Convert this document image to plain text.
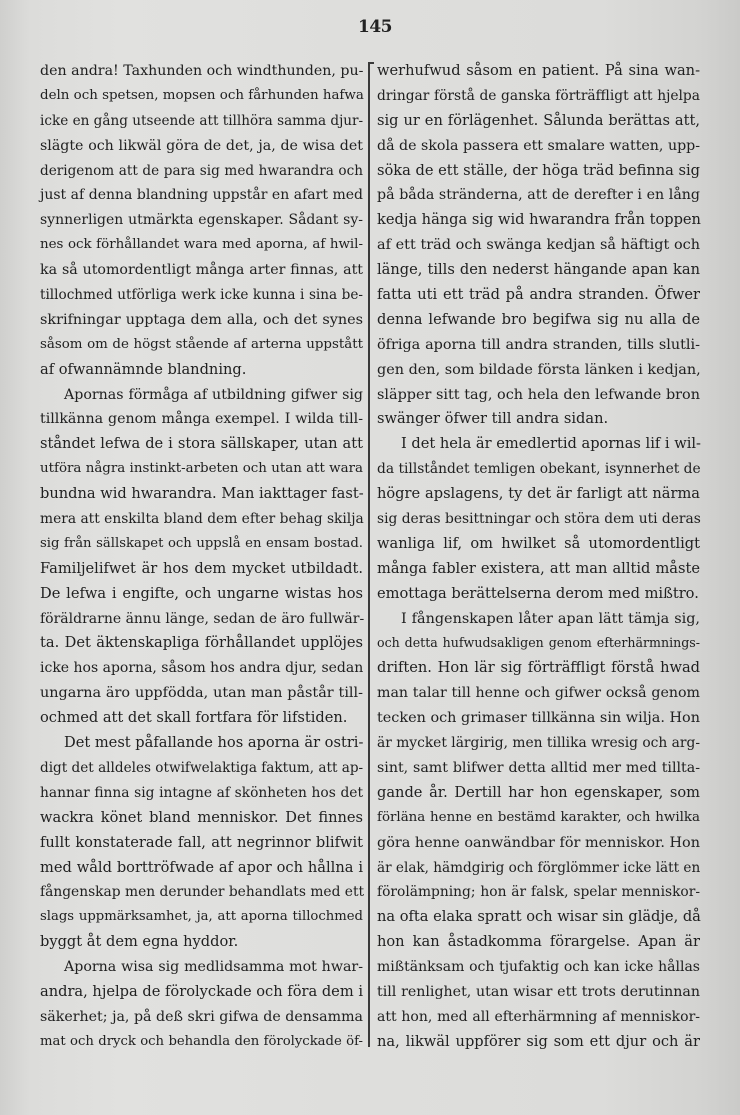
145
den andra! Taxhunden och windthunden, pu-
deln och spetsen, mopsen och fårhunden hafwa
icke en gång utseende att tillhöra samma djur-
slägte och likwäl göra de det, ja, de wisa det
derigenom att de para sig med hwarandra och
just af denna blandning uppstår en afart med
synnerligen utmärkta egenskaper. Sådant sy-
nes ock förhållandet wara med aporna, af hwil-
ka så utomordentligt många arter finnas, att
tillochmed utförliga werk icke kunna i sina be-
skrifningar upptaga dem alla, och det synes
såsom om de högst stående af arterna uppstått
af ofwannämnde blandning.
Apornas förmåga af utbildning gifwer sig
tillkänna genom många exempel. I wilda till-
ståndet lefwa de i stora sällskaper, utan att
utföra några instinkt-arbeten och utan att wara
bundna wid hwarandra. Man iakttager fast-
mera att enskilta bland dem efter behag skilja
sig från sällskapet och uppslå en ensam bostad.
Familjelifwet är hos dem mycket utbildadt.
De lefwa i engifte, och ungarne wistas hos
föräldrarne ännu länge, sedan de äro fullwär-
ta. Det äktenskapliga förhållandet upplöjes
icke hos aporna, såsom hos andra djur, sedan
ungarna äro uppfödda, utan man påstår till-
ochmed att det skall fortfara för lifstiden.
Det mest påfallande hos aporna är ostri-
digt det alldeles otwifwelaktiga faktum, att ap-
hannar finna sig intagne af skönheten hos det
wackra könet bland menniskor. Det finnes
fullt konstaterade fall, att negrinnor blifwit
med wåld borttröfwade af apor och hållna i
fångenskap men derunder behandlats med ett
slags uppmärksamhet, ja, att aporna tillochmed
byggt åt dem egna hyddor.
Aporna wisa sig medlidsamma mot hwar-
andra, hjelpa de förolyckade och föra dem i
säkerhet; ja, på deß skri gifwa de densamma
mat och dryck och behandla den förolyckade öf-
werhufwud såsom en patient. På sina wan-
dringar förstå de ganska förträffligt att hjelpa
sig ur en förlägenhet. Sålunda berättas att,
då de skola passera ett smalare watten, upp-
söka de ett ställe, der höga träd befinna sig
på båda stränderna, att de derefter i en lång
kedja hänga sig wid hwarandra från toppen
af ett träd och swänga kedjan så häftigt och
länge, tills den nederst hängande apan kan
fatta uti ett träd på andra stranden. Öfwer
denna lefwande bro begifwa sig nu alla de
öfriga aporna till andra stranden, tills slutli-
gen den, som bildade första länken i kedjan,
släpper sitt tag, och hela den lefwande bron
swänger öfwer till andra sidan.
I det hela är emedlertid apornas lif i wil-
da tillståndet temligen obekant, isynnerhet de
högre apslagens, ty det är farligt att närma
sig deras besittningar och störa dem uti deras
wanliga lif, om hwilket så utomordentligt
många fabler existera, att man alltid måste
emottaga berättelserna derom med mißtro.
I fångenskapen låter apan lätt tämja sig,
och detta hufwudsakligen genom efterhärmnings-
driften. Hon lär sig förträffligt förstå hwad
man talar till henne och gifwer också genom
tecken och grimaser tillkänna sin wilja. Hon
är mycket lärgirig, men tillika wresig och arg-
sint, samt blifwer detta alltid mer med tillta-
gande år. Dertill har hon egenskaper, som
förläna henne en bestämd karakter, och hwilka
göra henne oanwändbar för menniskor. Hon
är elak, hämdgirig och förglömmer icke lätt en
förolämpning; hon är falsk, spelar menniskor-
na ofta elaka spratt och wisar sin glädje, då
hon kan åstadkomma förargelse. Apan är
mißtänksam och tjufaktig och kan icke hållas
till renlighet, utan wisar ett trots derutinnan
att hon, med all efterhärmning af menniskor-
na, likwäl uppförer sig som ett djur och är
